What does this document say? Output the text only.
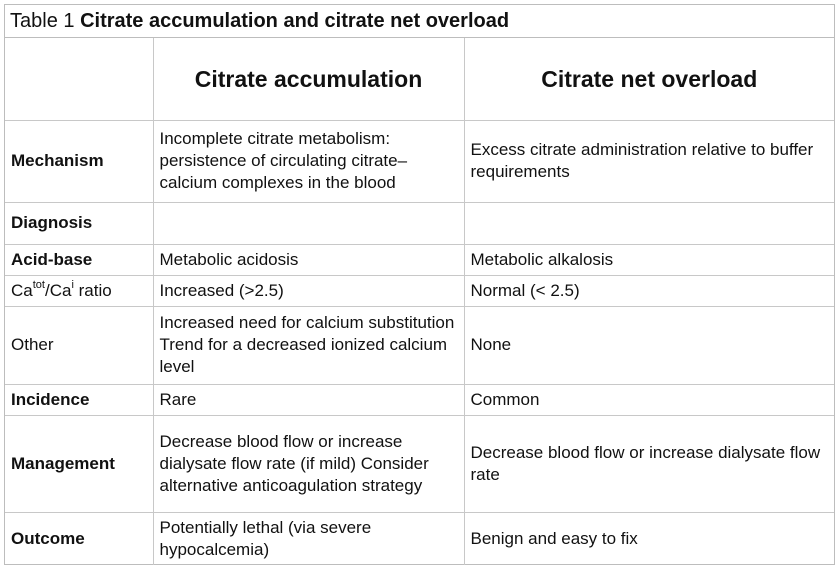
Table 1 Citrate accumulation and citrate net overload
	Citrate accumulation	Citrate net overload
Mechanism	Incomplete citrate metabolism: persistence of circulating citrate–calcium complexes in the blood	Excess citrate administration relative to buffer requirements
Diagnosis		
Acid-base	Metabolic acidosis	Metabolic alkalosis
$Ca^{tot}/Ca^i$ ratio	Increased (>2.5)	Normal (< 2.5)
Other	Increased need for calcium substitution Trend for a decreased ionized calcium level	None
Incidence	Rare	Common
Management	Decrease blood flow or increase dialysate flow rate (if mild) Consider alternative anticoagulation strategy	Decrease blood flow or increase dialysate flow rate
Outcome	Potentially lethal (via severe hypocalcemia)	Benign and easy to fix
